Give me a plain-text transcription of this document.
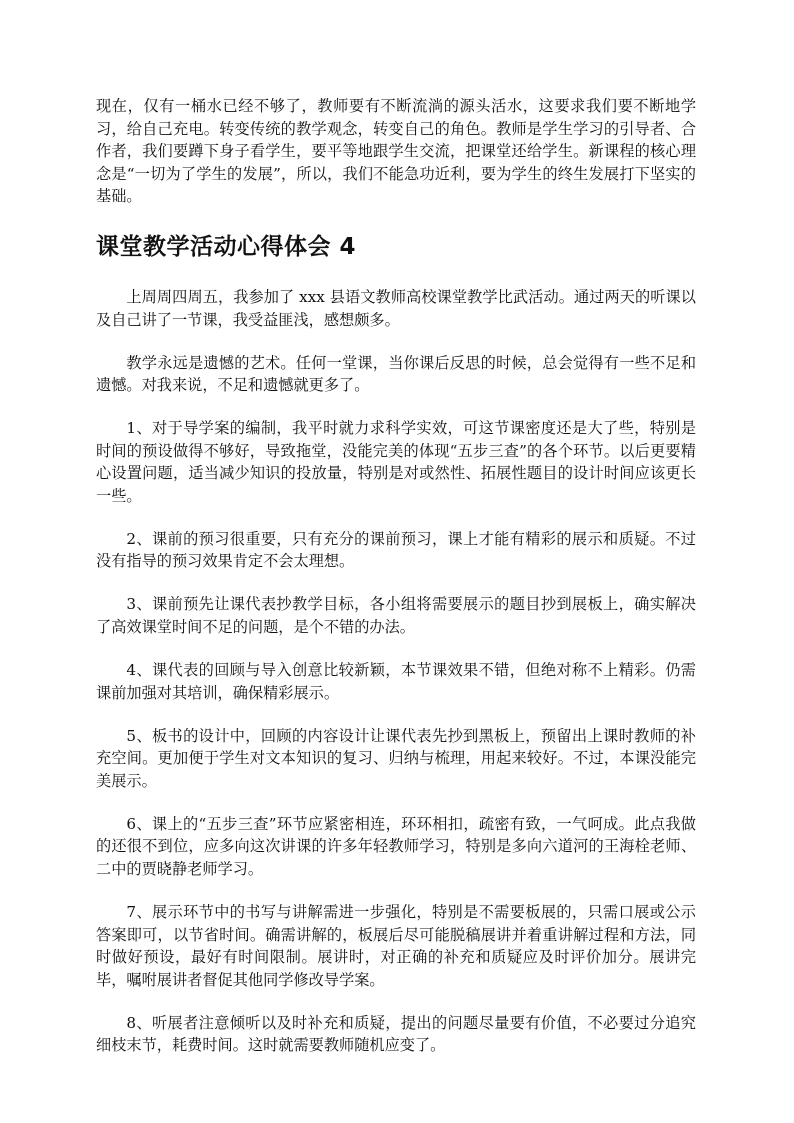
现在，仅有一桶水已经不够了，教师要有不断流淌的源头活水，这要求我们要不断地学习，给自己充电。转变传统的教学观念，转变自己的角色。教师是学生学习的引导者、合作者，我们要蹲下身子看学生，要平等地跟学生交流，把课堂还给学生。新课程的核心理念是“一切为了学生的发展”，所以，我们不能急功近利，要为学生的终生发展打下坚实的基础。

课堂教学活动心得体会 4

上周周四周五，我参加了 xxx 县语文教师高校课堂教学比武活动。通过两天的听课以及自己讲了一节课，我受益匪浅，感想颇多。

教学永远是遗憾的艺术。任何一堂课，当你课后反思的时候，总会觉得有一些不足和遗憾。对我来说，不足和遗憾就更多了。

1、对于导学案的编制，我平时就力求科学实效，可这节课密度还是大了些，特别是时间的预设做得不够好，导致拖堂，没能完美的体现“五步三查”的各个环节。以后更要精心设置问题，适当减少知识的投放量，特别是对或然性、拓展性题目的设计时间应该更长一些。

2、课前的预习很重要，只有充分的课前预习，课上才能有精彩的展示和质疑。不过没有指导的预习效果肯定不会太理想。

3、课前预先让课代表抄教学目标，各小组将需要展示的题目抄到展板上，确实解决了高效课堂时间不足的问题，是个不错的办法。

4、课代表的回顾与导入创意比较新颖，本节课效果不错，但绝对称不上精彩。仍需课前加强对其培训，确保精彩展示。

5、板书的设计中，回顾的内容设计让课代表先抄到黑板上，预留出上课时教师的补充空间。更加便于学生对文本知识的复习、归纳与梳理，用起来较好。不过，本课没能完美展示。

6、课上的“五步三查”环节应紧密相连，环环相扣，疏密有致，一气呵成。此点我做的还很不到位，应多向这次讲课的许多年轻教师学习，特别是多向六道河的王海栓老师、二中的贾晓静老师学习。

7、展示环节中的书写与讲解需进一步强化，特别是不需要板展的，只需口展或公示答案即可，以节省时间。确需讲解的，板展后尽可能脱稿展讲并着重讲解过程和方法，同时做好预设，最好有时间限制。展讲时，对正确的补充和质疑应及时评价加分。展讲完毕，嘱咐展讲者督促其他同学修改导学案。

8、听展者注意倾听以及时补充和质疑，提出的问题尽量要有价值，不必要过分追究细枝末节，耗费时间。这时就需要教师随机应变了。
